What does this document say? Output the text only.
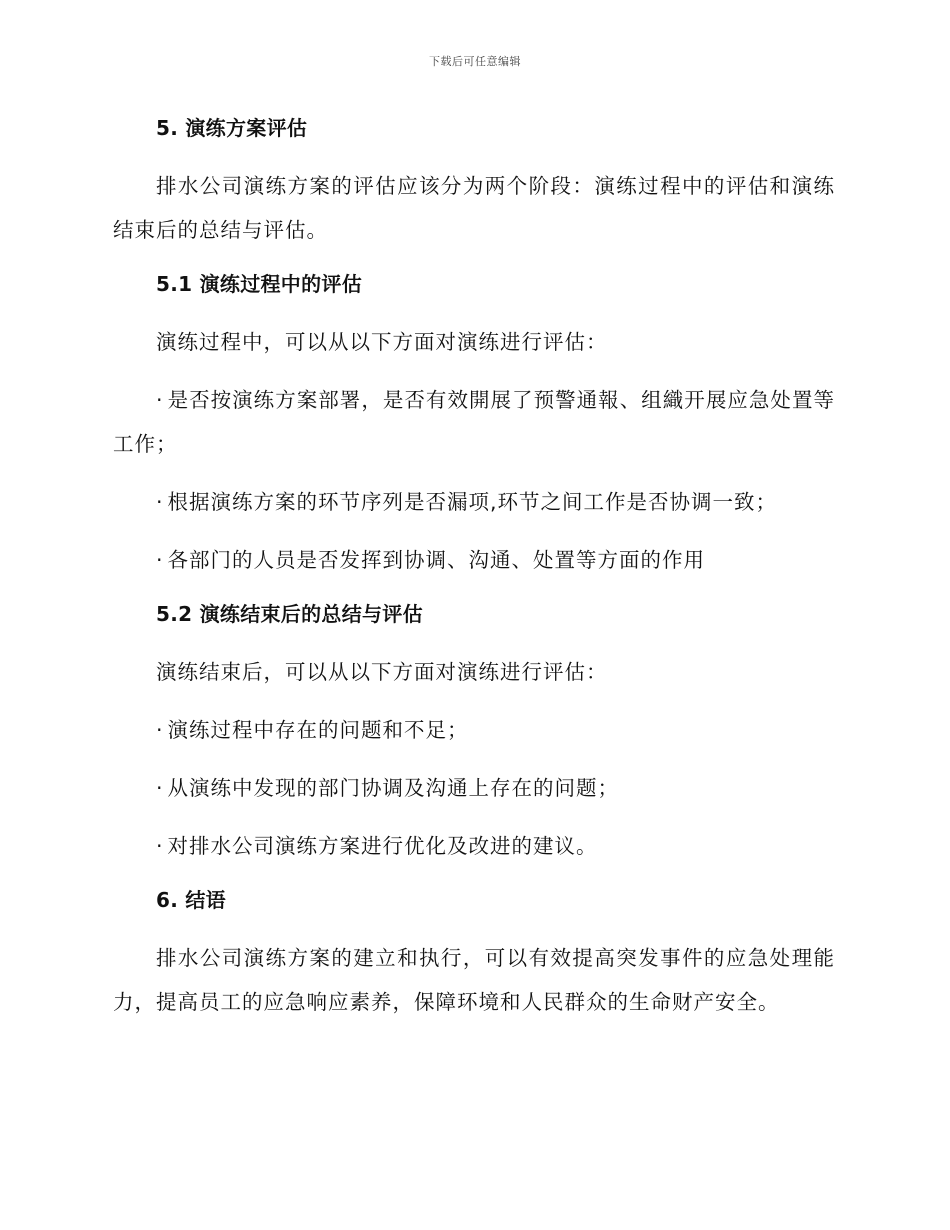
下载后可任意编辑
5. 演练方案评估

排水公司演练方案的评估应该分为两个阶段：演练过程中的评估和演练结束后的总结与评估。

5.1 演练过程中的评估

演练过程中，可以从以下方面对演练进行评估：

· 是否按演练方案部署，是否有效開展了预警通報、组織开展应急处置等工作；

· 根据演练方案的环节序列是否漏项,环节之间工作是否协调一致；

· 各部门的人员是否发挥到协调、沟通、处置等方面的作用

5.2 演练结束后的总结与评估

演练结束后，可以从以下方面对演练进行评估：

· 演练过程中存在的问题和不足；

· 从演练中发现的部门协调及沟通上存在的问题；

· 对排水公司演练方案进行优化及改进的建议。

6. 结语

排水公司演练方案的建立和执行，可以有效提高突发事件的应急处理能力，提高员工的应急响应素养，保障环境和人民群众的生命财产安全。
